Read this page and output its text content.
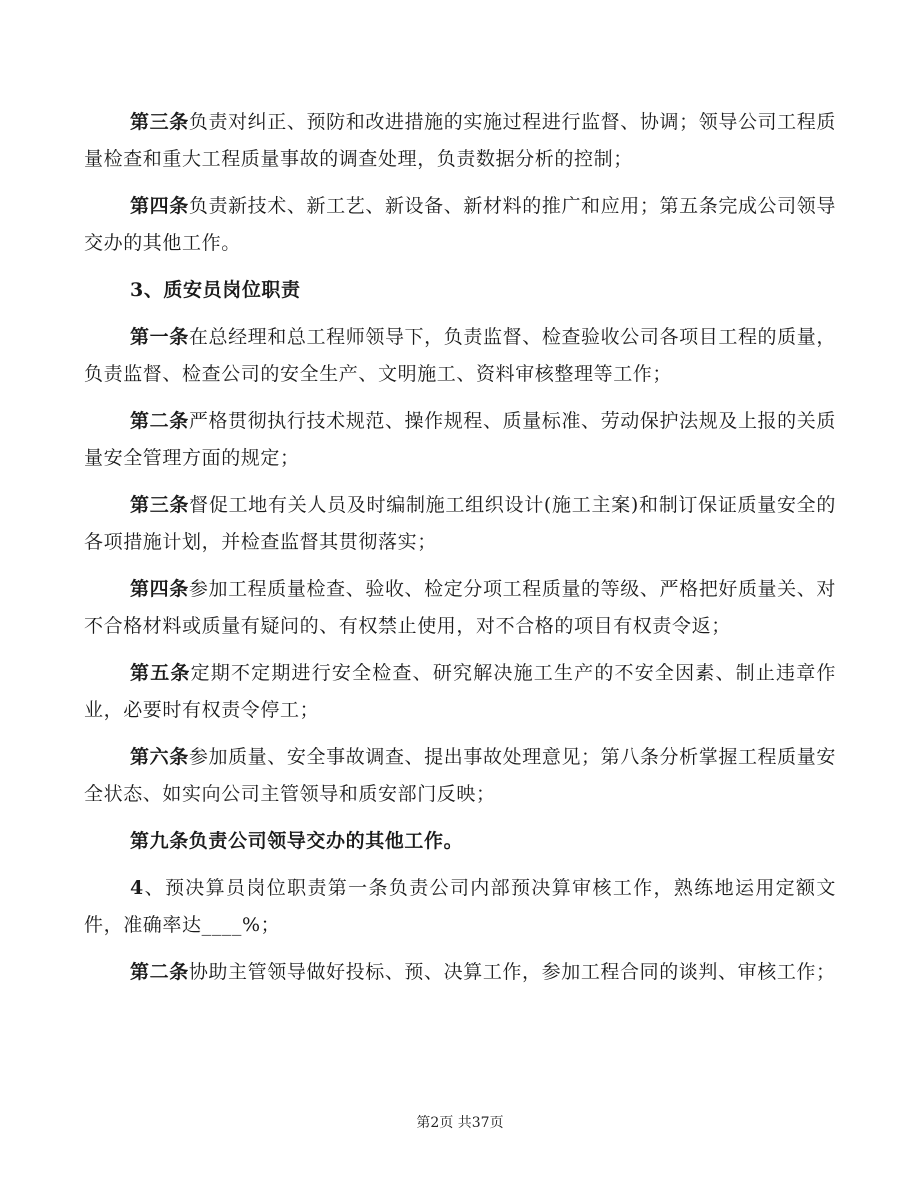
第三条负责对纠正、预防和改进措施的实施过程进行监督、协调；领导公司工程质量检查和重大工程质量事故的调查处理，负责数据分析的控制；

第四条负责新技术、新工艺、新设备、新材料的推广和应用；第五条完成公司领导交办的其他工作。

3、质安员岗位职责

第一条在总经理和总工程师领导下，负责监督、检查验收公司各项目工程的质量，负责监督、检查公司的安全生产、文明施工、资料审核整理等工作；

第二条严格贯彻执行技术规范、操作规程、质量标准、劳动保护法规及上报的关质量安全管理方面的规定；

第三条督促工地有关人员及时编制施工组织设计(施工主案)和制订保证质量安全的各项措施计划，并检查监督其贯彻落实；

第四条参加工程质量检查、验收、检定分项工程质量的等级、严格把好质量关、对不合格材料或质量有疑问的、有权禁止使用，对不合格的项目有权责令返；

第五条定期不定期进行安全检查、研究解决施工生产的不安全因素、制止违章作业，必要时有权责令停工；

第六条参加质量、安全事故调查、提出事故处理意见；第八条分析掌握工程质量安全状态、如实向公司主管领导和质安部门反映；

第九条负责公司领导交办的其他工作。

4、预决算员岗位职责第一条负责公司内部预决算审核工作，熟练地运用定额文件，准确率达____%；

第二条协助主管领导做好投标、预、决算工作，参加工程合同的谈判、审核工作；

第2页 共37页
